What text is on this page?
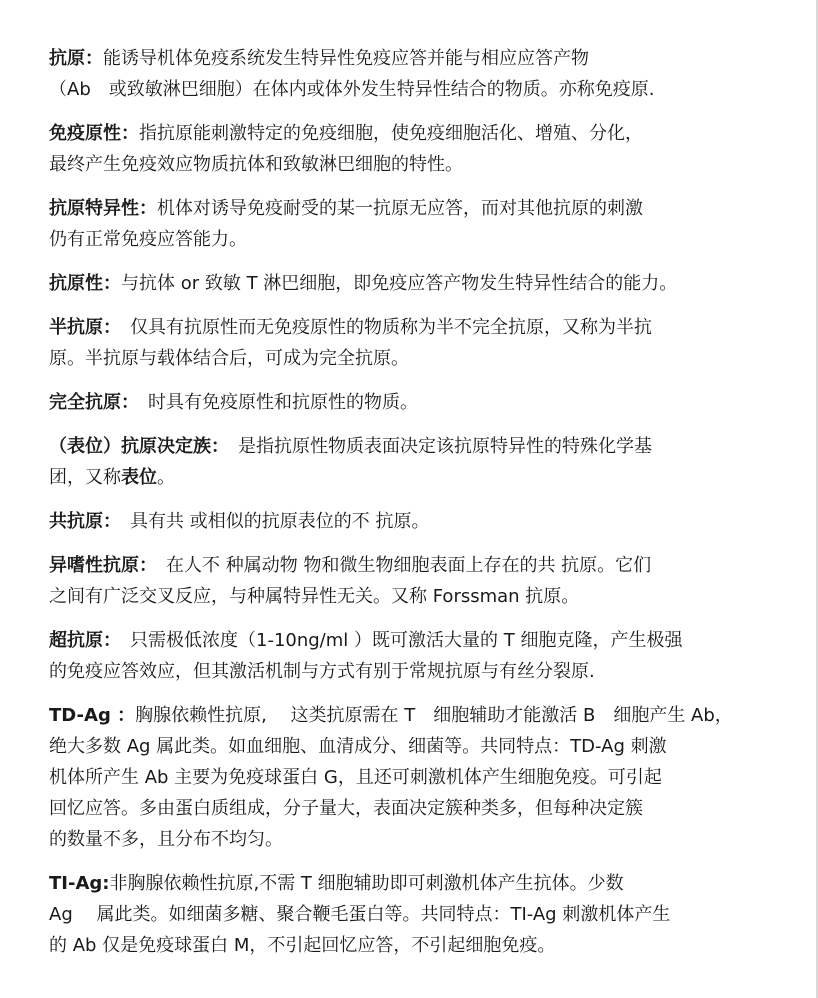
抗原：能诱导机体免疫系统发生特异性免疫应答并能与相应应答产物
（Ab　或致敏淋巴细胞）在体内或体外发生特异性结合的物质。亦称免疫原.
免疫原性：指抗原能刺激特定的免疫细胞，使免疫细胞活化、增殖、分化，
最终产生免疫效应物质抗体和致敏淋巴细胞的特性。
抗原特异性：机体对诱导免疫耐受的某一抗原无应答，而对其他抗原的刺激
仍有正常免疫应答能力。
抗原性：与抗体 or 致敏 T 淋巴细胞，即免疫应答产物发生特异性结合的能力。
半抗原：　仅具有抗原性而无免疫原性的物质称为半不完全抗原，又称为半抗
原。半抗原与载体结合后，可成为完全抗原。
完全抗原：　时具有免疫原性和抗原性的物质。
（表位）抗原决定族：　是指抗原性物质表面决定该抗原特异性的特殊化学基
团，又称表位。
共抗原：　具有共 或相似的抗原表位的不 抗原。
异嗜性抗原：　在人不 种属动物 物和微生物细胞表面上存在的共 抗原。它们
之间有广泛交叉反应，与种属特异性无关。又称 Forssman 抗原。
超抗原：　只需极低浓度（1-10ng/ml ）既可激活大量的 T 细胞克隆，产生极强
的免疫应答效应，但其激活机制与方式有别于常规抗原与有丝分裂原.
TD-Ag ：胸腺依赖性抗原,　 这类抗原需在 T　细胞辅助才能激活 B　细胞产生 Ab，
绝大多数 Ag 属此类。如血细胞、血清成分、细菌等。共同特点：TD-Ag 刺激
机体所产生 Ab 主要为免疫球蛋白 G，且还可刺激机体产生细胞免疫。可引起
回忆应答。多由蛋白质组成，分子量大，表面决定簇种类多，但每种决定簇
的数量不多，且分布不均匀。
TI-Ag:非胸腺依赖性抗原,不需 T 细胞辅助即可刺激机体产生抗体。少数
Ag　 属此类。如细菌多糖、聚合鞭毛蛋白等。共同特点：TI-Ag 刺激机体产生
的 Ab 仅是免疫球蛋白 M，不引起回忆应答，不引起细胞免疫。
